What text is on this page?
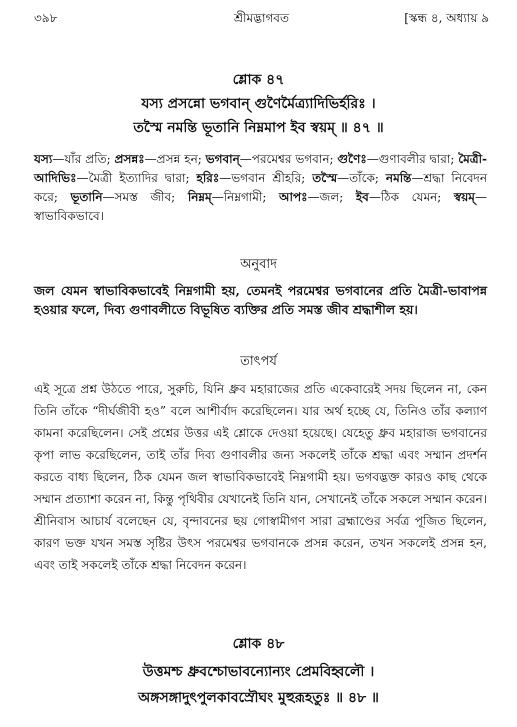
৩৯৮	শ্রীমদ্ভাগবত	[স্কন্ধ ৪, অধ্যায় ৯
শ্লোক ৪৭
যস্য প্রসন্নো ভগবান্ গুণৈর্মৈত্র্যাদিভির্হরিঃ ।
তস্মৈ নমন্তি ভূতানি নিম্নমাপ ইব স্বয়ম্ ॥ ৪৭ ॥
যস্য—যাঁর প্রতি; প্রসন্নঃ—প্রসন্ন হন; ভগবান্—পরমেশ্বর ভগবান; গুণৈঃ—গুণাবলীর দ্বারা; মৈত্রী-আদিভিঃ—মৈত্রী ইত্যাদির দ্বারা; হরিঃ—ভগবান শ্রীহরি; তস্মৈ—তাঁকে; নমন্তি—শ্রদ্ধা নিবেদন করে; ভূতানি—সমস্ত জীব; নিম্নম্—নিম্নগামী; আপঃ—জল; ইব—ঠিক যেমন; স্বয়ম্—স্বাভাবিকভাবে।
অনুবাদ
জল যেমন স্বাভাবিকভাবেই নিম্নগামী হয়, তেমনই পরমেশ্বর ভগবানের প্রতি মৈত্রী-ভাবাপন্ন হওয়ার ফলে, দিব্য গুণাবলীতে বিভূষিত ব্যক্তির প্রতি সমস্ত জীব শ্রদ্ধাশীল হয়।
তাৎপর্য
এই সূত্রে প্রশ্ন উঠতে পারে, সুরুচি, যিনি ধ্রুব মহারাজের প্রতি একেবারেই সদয় ছিলেন না, কেন তিনি তাঁকে “দীর্ঘজীবী হও” বলে আশীর্বাদ করেছিলেন। যার অর্থ হচ্ছে যে, তিনিও তাঁর কল্যাণ কামনা করেছিলেন। সেই প্রশ্নের উত্তর এই শ্লোকে দেওয়া হয়েছে। যেহেতু ধ্রুব মহারাজ ভগবানের কৃপা লাভ করেছিলেন, তাই তাঁর দিব্য গুণাবলীর জন্য সকলেই তাঁকে শ্রদ্ধা এবং সম্মান প্রদর্শন করতে বাধ্য ছিলেন, ঠিক যেমন জল স্বাভাবিকভাবেই নিম্নগামী হয়। ভগবদ্ভক্ত কারও কাছ থেকে সম্মান প্রত্যাশা করেন না, কিন্তু পৃথিবীর যেখানেই তিনি যান, সেখানেই তাঁকে সকলে সম্মান করেন। শ্রীনিবাস আচার্য বলেছেন যে, বৃন্দাবনের ছয় গোস্বামীগণ সারা ব্রহ্মাণ্ডের সর্বত্র পূজিত ছিলেন, কারণ ভক্ত যখন সমস্ত সৃষ্টির উৎস পরমেশ্বর ভগবানকে প্রসন্ন করেন, তখন সকলেই প্রসন্ন হন, এবং তাই সকলেই তাঁকে শ্রদ্ধা নিবেদন করেন।
শ্লোক ৪৮
উত্তমশ্চ ধ্রুবশ্চোভাবন্যোন্যং প্রেমবিহ্বলৌ ।
অঙ্গসঙ্গাদুৎপুলকাবস্রৌঘং মুহুরূহতুঃ ॥ ৪৮ ॥
